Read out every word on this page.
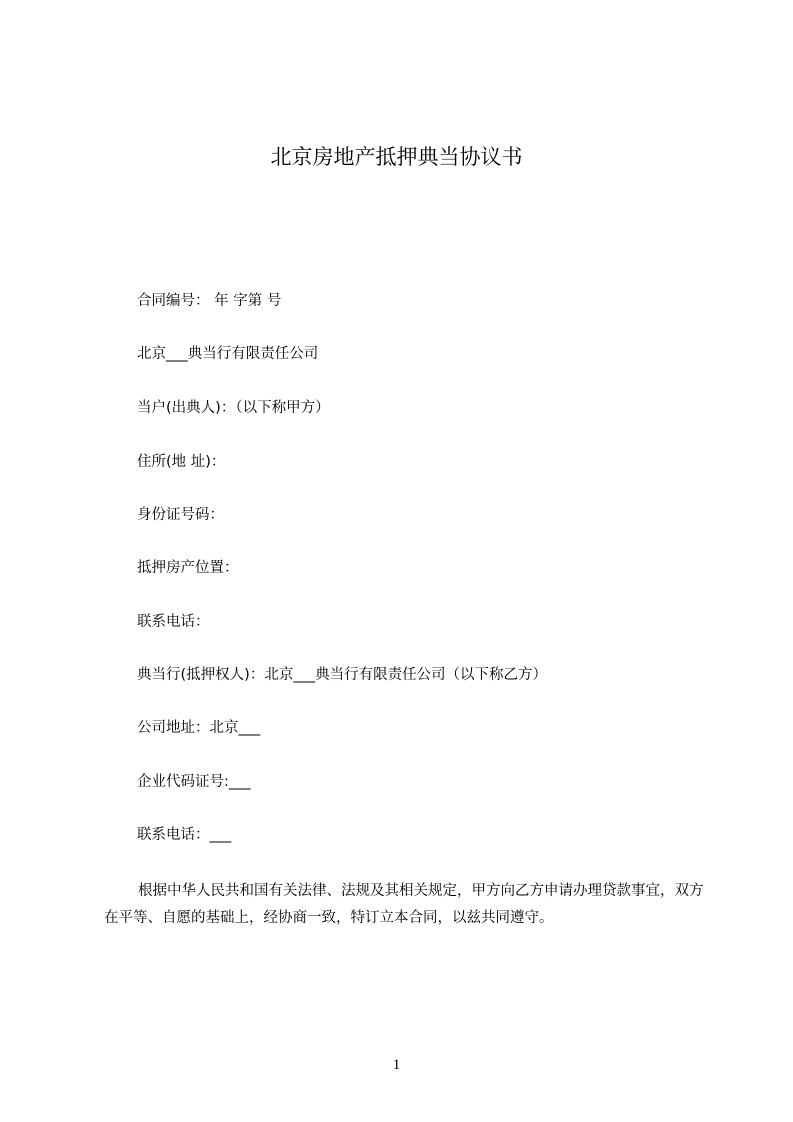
北京房地产抵押典当协议书
合同编号： 年 字第 号
北京___典当行有限责任公司
当户(出典人)：（以下称甲方）
住所(地 址)：
身份证号码：
抵押房产位置：
联系电话：
典当行(抵押权人)：北京___典当行有限责任公司（以下称乙方）
公司地址：北京___
企业代码证号:___
联系电话：___
根据中华人民共和国有关法律、法规及其相关规定，甲方向乙方申请办理贷款事宜，双方在平等、自愿的基础上，经协商一致，特订立本合同，以兹共同遵守。
1
